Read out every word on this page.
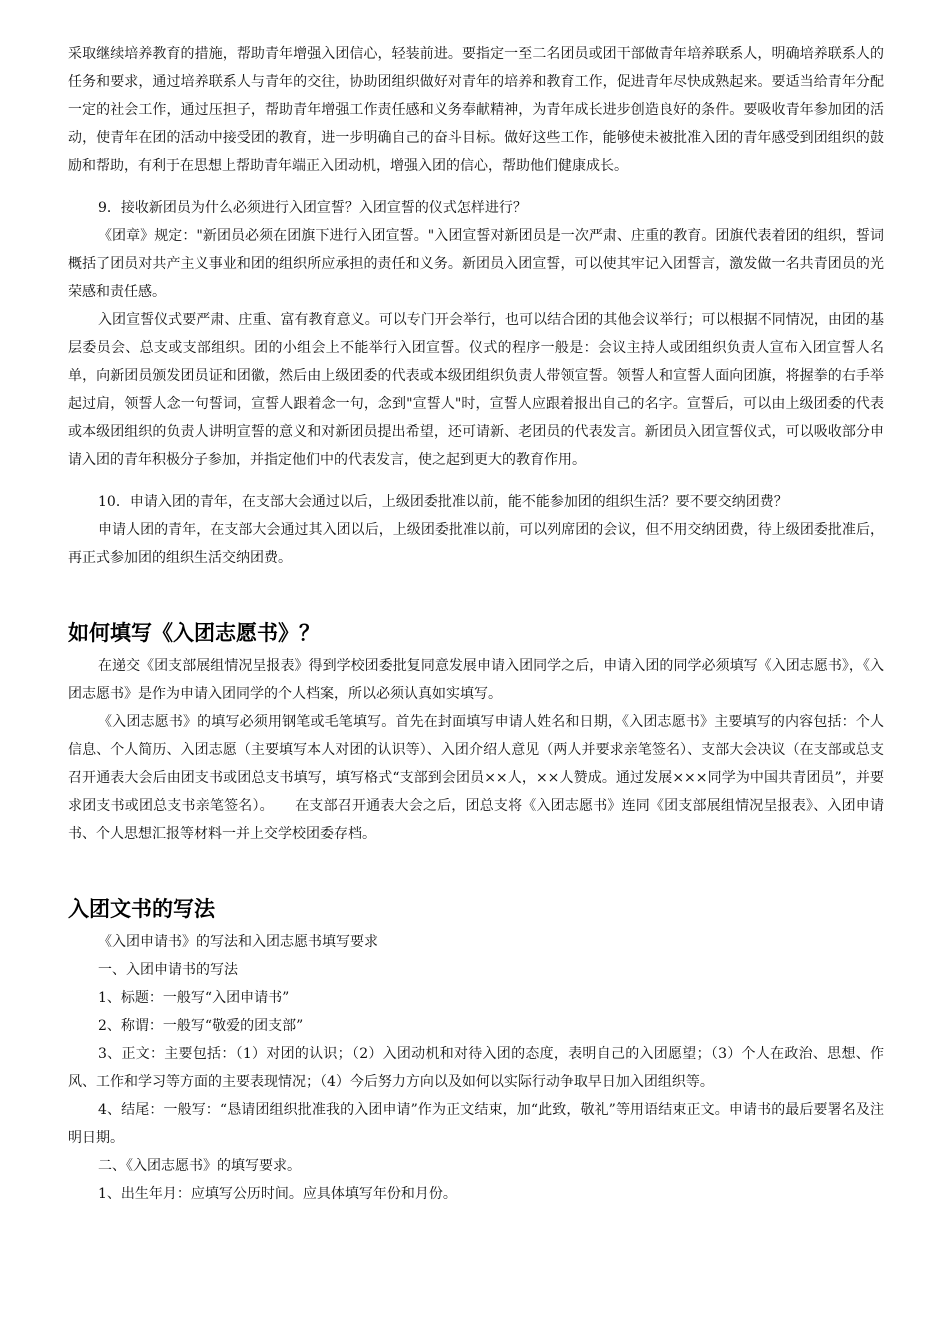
采取继续培养教育的措施，帮助青年增强入团信心，轻装前进。要指定一至二名团员或团干部做青年培养联系人，明确培养联系人的任务和要求，通过培养联系人与青年的交往，协助团组织做好对青年的培养和教育工作，促进青年尽快成熟起来。要适当给青年分配一定的社会工作，通过压担子，帮助青年增强工作责任感和义务奉献精神，为青年成长进步创造良好的条件。要吸收青年参加团的活动，使青年在团的活动中接受团的教育，进一步明确自己的奋斗目标。做好这些工作，能够使未被批准入团的青年感受到团组织的鼓励和帮助，有利于在思想上帮助青年端正入团动机，增强入团的信心，帮助他们健康成长。

9．接收新团员为什么必须进行入团宣誓？入团宣誓的仪式怎样进行？

《团章》规定："新团员必须在团旗下进行入团宣誓。"入团宣誓对新团员是一次严肃、庄重的教育。团旗代表着团的组织，誓词概括了团员对共产主义事业和团的组织所应承担的责任和义务。新团员入团宣誓，可以使其牢记入团誓言，激发做一名共青团员的光荣感和责任感。

入团宣誓仪式要严肃、庄重、富有教育意义。可以专门开会举行，也可以结合团的其他会议举行；可以根据不同情况，由团的基层委员会、总支或支部组织。团的小组会上不能举行入团宣誓。仪式的程序一般是：会议主持人或团组织负责人宣布入团宣誓人名单，向新团员颁发团员证和团徽，然后由上级团委的代表或本级团组织负责人带领宣誓。领誓人和宣誓人面向团旗，将握拳的右手举起过肩，领誓人念一句誓词，宣誓人跟着念一句，念到"宣誓人"时，宣誓人应跟着报出自己的名字。宣誓后，可以由上级团委的代表或本级团组织的负责人讲明宣誓的意义和对新团员提出希望，还可请新、老团员的代表发言。新团员入团宣誓仪式，可以吸收部分申请入团的青年积极分子参加，并指定他们中的代表发言，使之起到更大的教育作用。

10．申请入团的青年，在支部大会通过以后，上级团委批准以前，能不能参加团的组织生活？要不要交纳团费？

申请人团的青年，在支部大会通过其入团以后，上级团委批准以前，可以列席团的会议，但不用交纳团费，待上级团委批准后，再正式参加团的组织生活交纳团费。

如何填写《入团志愿书》？

在递交《团支部展组情况呈报表》得到学校团委批复同意发展申请入团同学之后，申请入团的同学必须填写《入团志愿书》，《入团志愿书》是作为申请入团同学的个人档案，所以必须认真如实填写。

《入团志愿书》的填写必须用钢笔或毛笔填写。首先在封面填写申请人姓名和日期，《入团志愿书》主要填写的内容包括：个人信息、个人简历、入团志愿（主要填写本人对团的认识等）、入团介绍人意见（两人并要求亲笔签名）、支部大会决议（在支部或总支召开通表大会后由团支书或团总支书填写，填写格式“支部到会团员××人，××人赞成。通过发展×××同学为中国共青团员”，并要求团支书或团总支书亲笔签名）。　　在支部召开通表大会之后，团总支将《入团志愿书》连同《团支部展组情况呈报表》、入团申请书、个人思想汇报等材料一并上交学校团委存档。

入团文书的写法

《入团申请书》的写法和入团志愿书填写要求

一、入团申请书的写法

1、标题：一般写“入团申请书”

2、称谓：一般写“敬爱的团支部”

3、正文：主要包括：（1）对团的认识；（2）入团动机和对待入团的态度，表明自己的入团愿望；（3）个人在政治、思想、作风、工作和学习等方面的主要表现情况；（4）今后努力方向以及如何以实际行动争取早日加入团组织等。

4、结尾：一般写：“恳请团组织批准我的入团申请”作为正文结束，加“此致，敬礼”等用语结束正文。申请书的最后要署名及注明日期。

二、《入团志愿书》的填写要求。

1、出生年月：应填写公历时间。应具体填写年份和月份。
